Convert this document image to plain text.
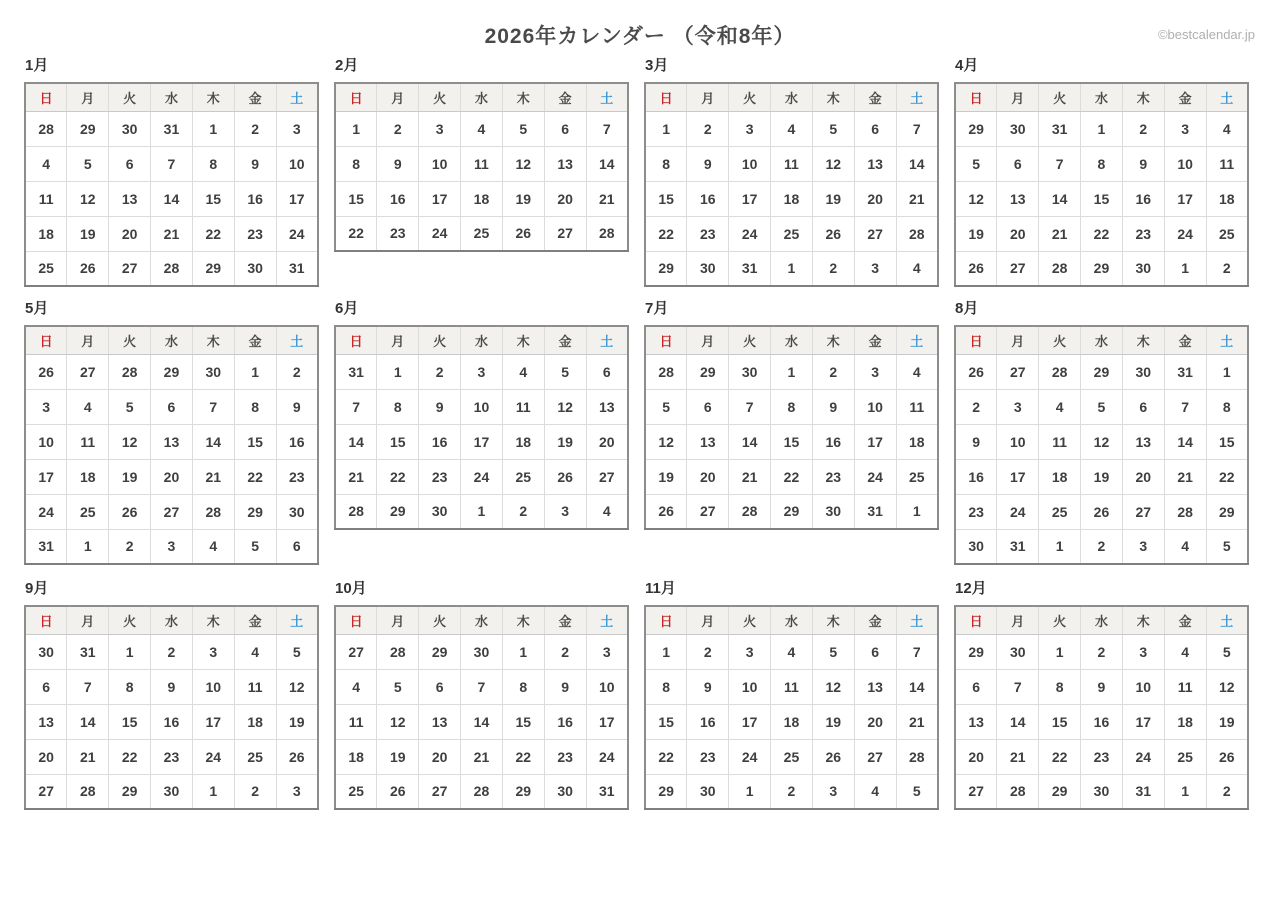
2026年カレンダー （令和8年）	©bestcalendar.jp
1月
日	月	火	水	木	金	土
28	29	30	31	1	2	3
4	5	6	7	8	9	10
11	12	13	14	15	16	17
18	19	20	21	22	23	24
25	26	27	28	29	30	31
2月
日	月	火	水	木	金	土
1	2	3	4	5	6	7
8	9	10	11	12	13	14
15	16	17	18	19	20	21
22	23	24	25	26	27	28
3月
日	月	火	水	木	金	土
1	2	3	4	5	6	7
8	9	10	11	12	13	14
15	16	17	18	19	20	21
22	23	24	25	26	27	28
29	30	31	1	2	3	4
4月
日	月	火	水	木	金	土
29	30	31	1	2	3	4
5	6	7	8	9	10	11
12	13	14	15	16	17	18
19	20	21	22	23	24	25
26	27	28	29	30	1	2
5月
日	月	火	水	木	金	土
26	27	28	29	30	1	2
3	4	5	6	7	8	9
10	11	12	13	14	15	16
17	18	19	20	21	22	23
24	25	26	27	28	29	30
31	1	2	3	4	5	6
6月
日	月	火	水	木	金	土
31	1	2	3	4	5	6
7	8	9	10	11	12	13
14	15	16	17	18	19	20
21	22	23	24	25	26	27
28	29	30	1	2	3	4
7月
日	月	火	水	木	金	土
28	29	30	1	2	3	4
5	6	7	8	9	10	11
12	13	14	15	16	17	18
19	20	21	22	23	24	25
26	27	28	29	30	31	1
8月
日	月	火	水	木	金	土
26	27	28	29	30	31	1
2	3	4	5	6	7	8
9	10	11	12	13	14	15
16	17	18	19	20	21	22
23	24	25	26	27	28	29
30	31	1	2	3	4	5
9月
日	月	火	水	木	金	土
30	31	1	2	3	4	5
6	7	8	9	10	11	12
13	14	15	16	17	18	19
20	21	22	23	24	25	26
27	28	29	30	1	2	3
10月
日	月	火	水	木	金	土
27	28	29	30	1	2	3
4	5	6	7	8	9	10
11	12	13	14	15	16	17
18	19	20	21	22	23	24
25	26	27	28	29	30	31
11月
日	月	火	水	木	金	土
1	2	3	4	5	6	7
8	9	10	11	12	13	14
15	16	17	18	19	20	21
22	23	24	25	26	27	28
29	30	1	2	3	4	5
12月
日	月	火	水	木	金	土
29	30	1	2	3	4	5
6	7	8	9	10	11	12
13	14	15	16	17	18	19
20	21	22	23	24	25	26
27	28	29	30	31	1	2
